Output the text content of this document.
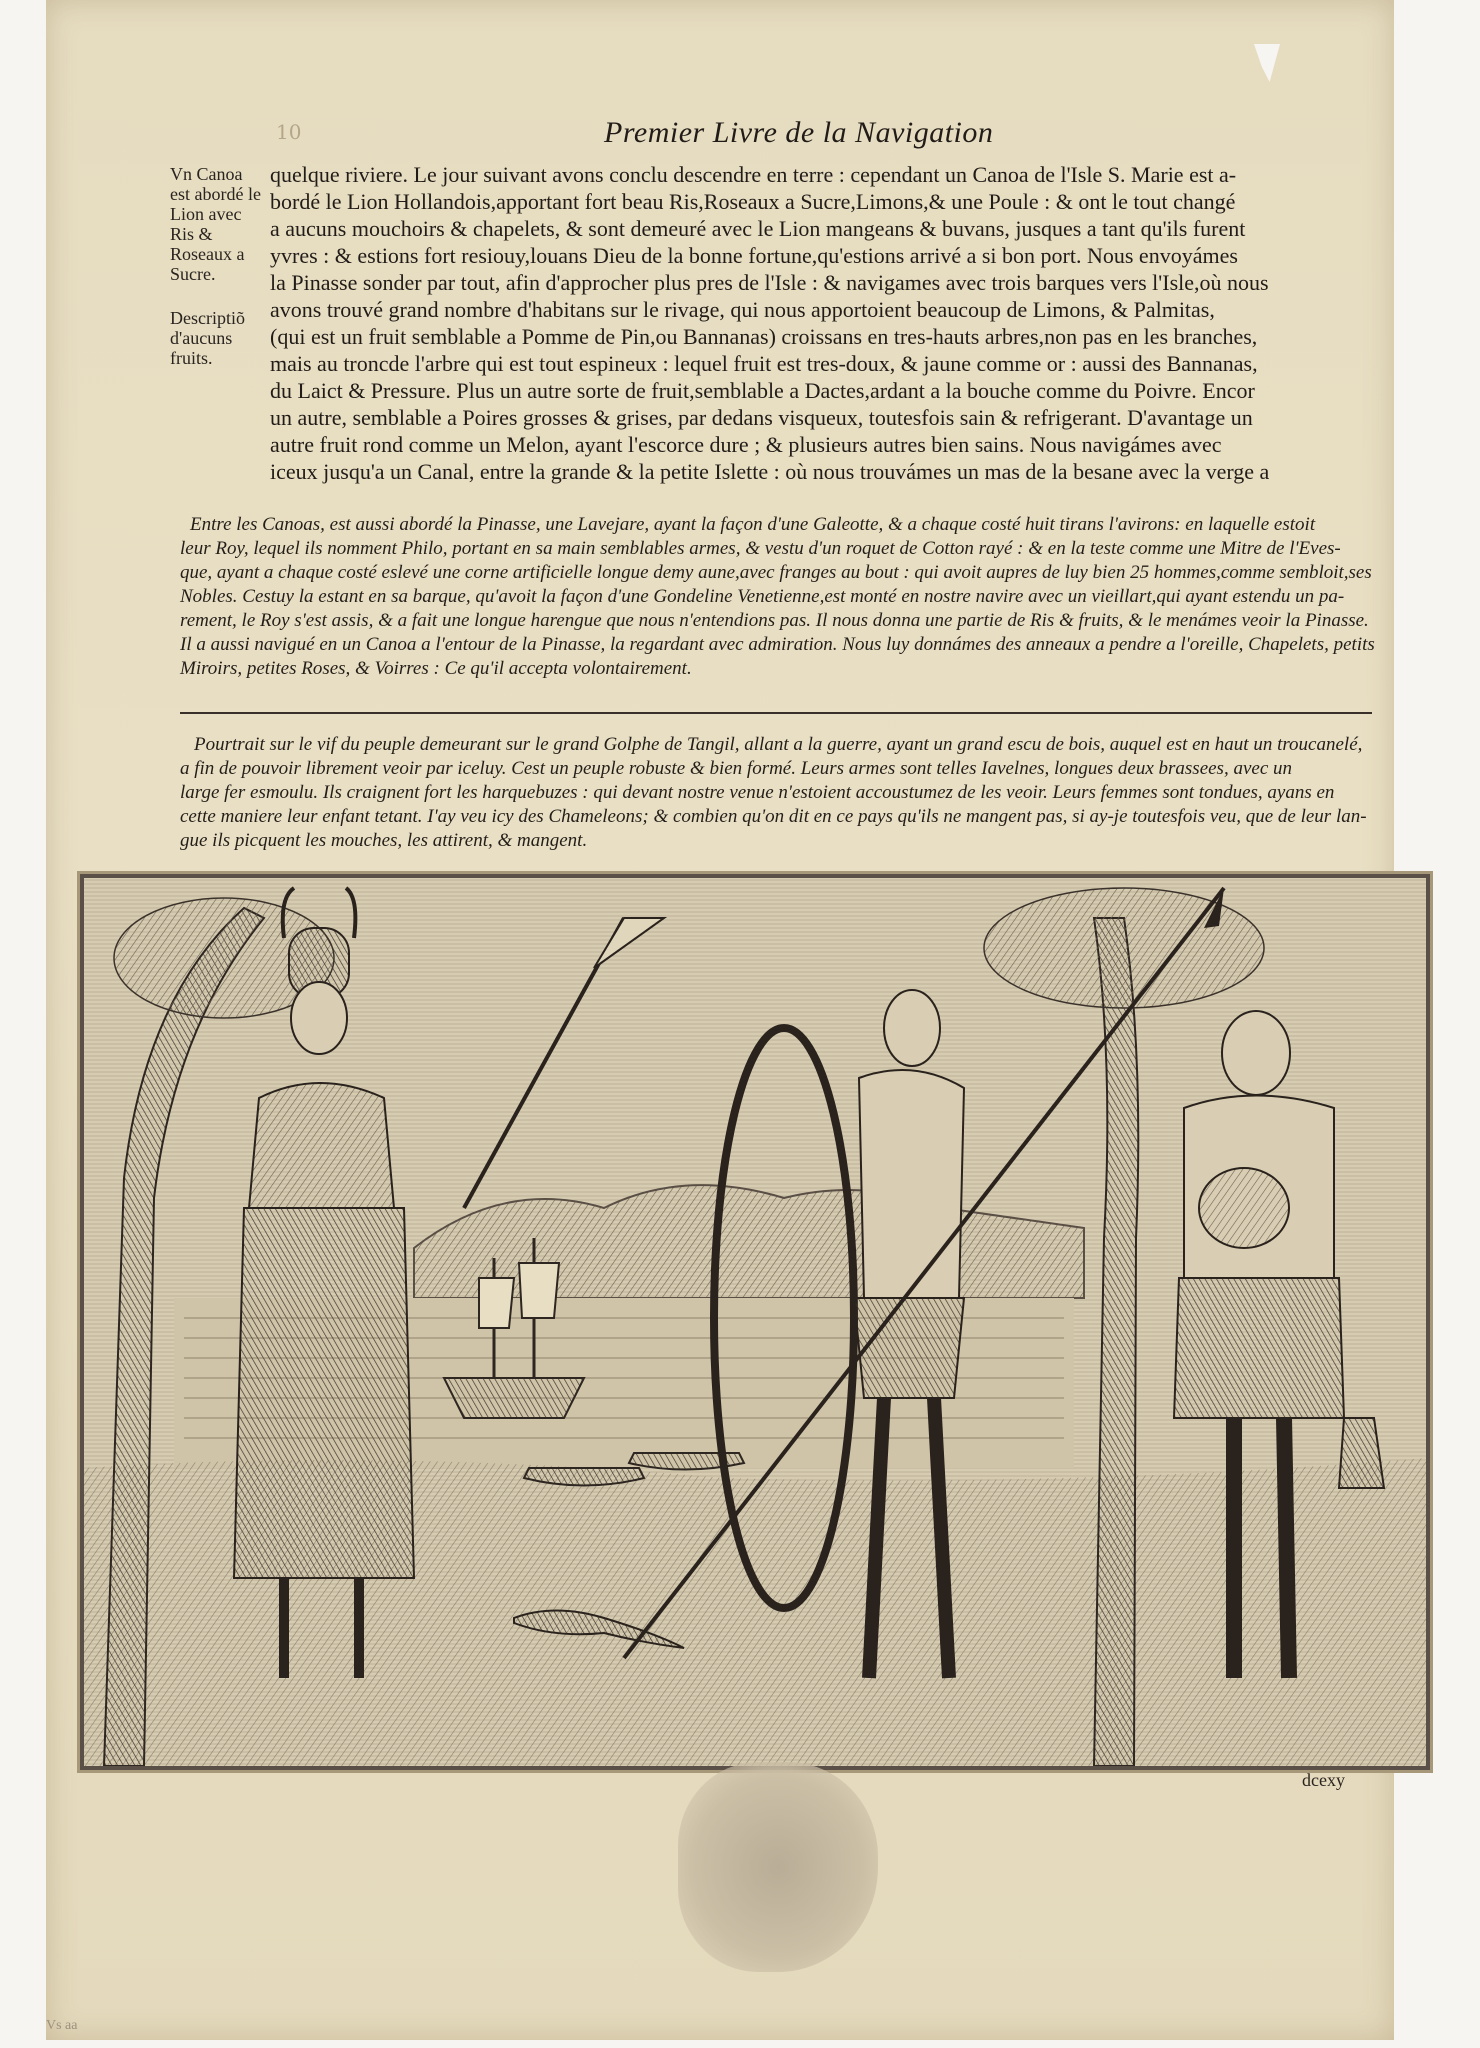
10	Premier Livre de la Navigation
Vn Canoa est abordé le Lion avec Ris & Roseaux a Sucre.
Descriptiõ d'aucuns fruits.
quelque riviere. Le jour suivant avons conclu descendre en terre : cependant un Canoa de l'Isle S. Marie est a-
bordé le Lion Hollandois,apportant fort beau Ris,Roseaux a Sucre,Limons,& une Poule : & ont le tout changé
a aucuns mouchoirs & chapelets, & sont demeuré avec le Lion mangeans & buvans, jusques a tant qu'ils furent
yvres : & estions fort resiouy,louans Dieu de la bonne fortune,qu'estions arrivé a si bon port. Nous envoyámes
la Pinasse sonder par tout, afin d'approcher plus pres de l'Isle : & navigames avec trois barques vers l'Isle,où nous
avons trouvé grand nombre d'habitans sur le rivage, qui nous apportoient beaucoup de Limons, & Palmitas,
(qui est un fruit semblable a Pomme de Pin,ou Bannanas) croissans en tres-hauts arbres,non pas en les branches,
mais au troncde l'arbre qui est tout espineux : lequel fruit est tres-doux, & jaune comme or : aussi des Bannanas,
du Laict & Pressure. Plus un autre sorte de fruit,semblable a Dactes,ardant a la bouche comme du Poivre. Encor
un autre, semblable a Poires grosses & grises, par dedans visqueux, toutesfois sain & refrigerant. D'avantage un
autre fruit rond comme un Melon, ayant l'escorce dure ; & plusieurs autres bien sains. Nous navigámes avec
iceux jusqu'a un Canal, entre la grande & la petite Islette : où nous trouvámes un mas de la besane avec la verge a
Entre les Canoas, est aussi abordé la Pinasse, une Lavejare, ayant la façon d'une Galeotte, & a chaque costé huit tirans l'avirons: en laquelle estoit
leur Roy, lequel ils nomment Philo, portant en sa main semblables armes, & vestu d'un roquet de Cotton rayé : & en la teste comme une Mitre de l'Eves-
que, ayant a chaque costé eslevé une corne artificielle longue demy aune,avec franges au bout : qui avoit aupres de luy bien 25 hommes,comme sembloit,ses
Nobles. Cestuy la estant en sa barque, qu'avoit la façon d'une Gondeline Venetienne,est monté en nostre navire avec un vieillart,qui ayant estendu un pa-
rement, le Roy s'est assis, & a fait une longue harengue que nous n'entendions pas. Il nous donna une partie de Ris & fruits, & le menámes veoir la Pinasse.
Il a aussi navigué en un Canoa a l'entour de la Pinasse, la regardant avec admiration. Nous luy donnámes des anneaux a pendre a l'oreille, Chapelets, petits
Miroirs, petites Roses, & Voirres : Ce qu'il accepta volontairement.
Pourtrait sur le vif du peuple demeurant sur le grand Golphe de Tangil, allant a la guerre, ayant un grand escu de bois, auquel est en haut un troucanelé,
a fin de pouvoir librement veoir par iceluy. Cest un peuple robuste & bien formé. Leurs armes sont telles Iavelnes, longues deux brassees, avec un
large fer esmoulu. Ils craignent fort les harquebuzes : qui devant nostre venue n'estoient accoustumez de les veoir. Leurs femmes sont tondues, ayans en
cette maniere leur enfant tetant. I'ay veu icy des Chameleons; & combien qu'on dit en ce pays qu'ils ne mangent pas, si ay-je toutesfois veu, que de leur lan-
gue ils picquent les mouches, les attirent, & mangent.
dcexy
Vs aa
